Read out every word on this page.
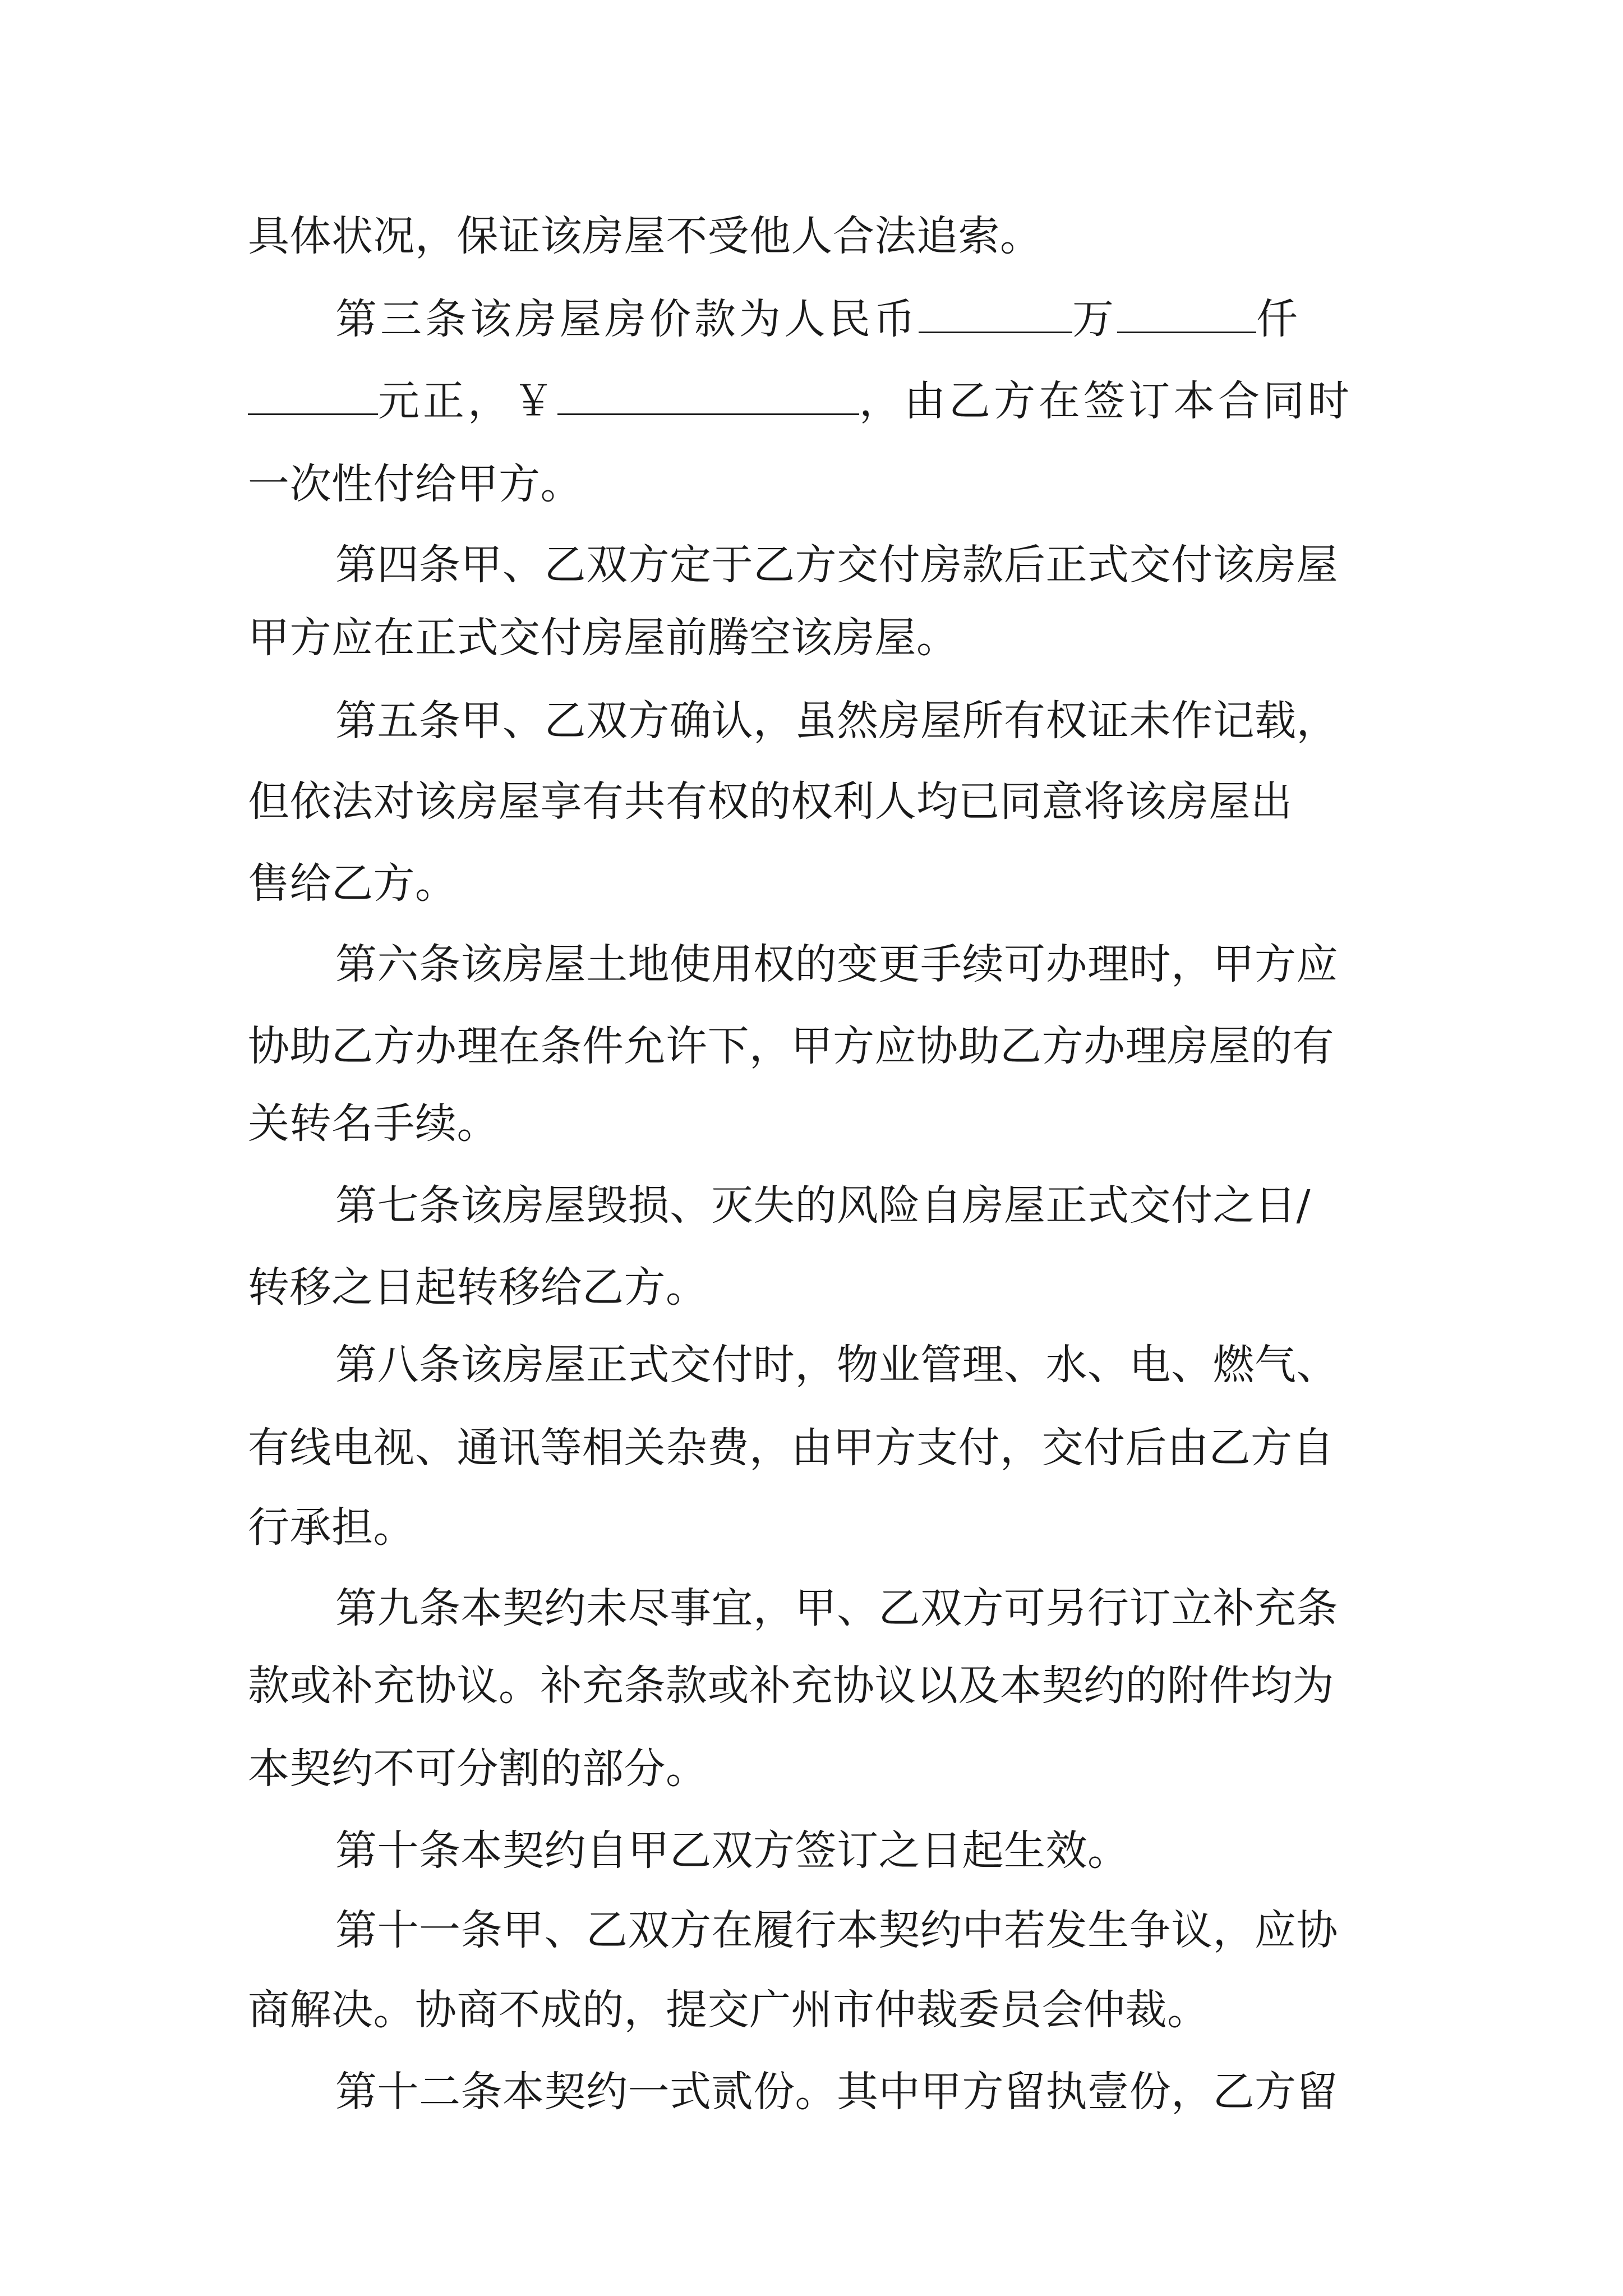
具体状况，保证该房屋不受他人合法追索。
第三条该房屋房价款为人民币	万	仟
元正，￥	，由乙方在签订本合同时
一次性付给甲方。
第四条甲、乙双方定于乙方交付房款后正式交付该房屋
甲方应在正式交付房屋前腾空该房屋。
第五条甲、乙双方确认，虽然房屋所有权证未作记载，
但依法对该房屋享有共有权的权利人均已同意将该房屋出
售给乙方。
第六条该房屋土地使用权的变更手续可办理时，甲方应
协助乙方办理在条件允许下，甲方应协助乙方办理房屋的有
关转名手续。
第七条该房屋毁损、灭失的风险自房屋正式交付之日/
转移之日起转移给乙方。
第八条该房屋正式交付时，物业管理、水、电、燃气、
有线电视、通讯等相关杂费，由甲方支付，交付后由乙方自
行承担。
第九条本契约未尽事宜，甲、乙双方可另行订立补充条
款或补充协议。补充条款或补充协议以及本契约的附件均为
本契约不可分割的部分。
第十条本契约自甲乙双方签订之日起生效。
第十一条甲、乙双方在履行本契约中若发生争议，应协
商解决。协商不成的，提交广州市仲裁委员会仲裁。
第十二条本契约一式贰份。其中甲方留执壹份，乙方留
